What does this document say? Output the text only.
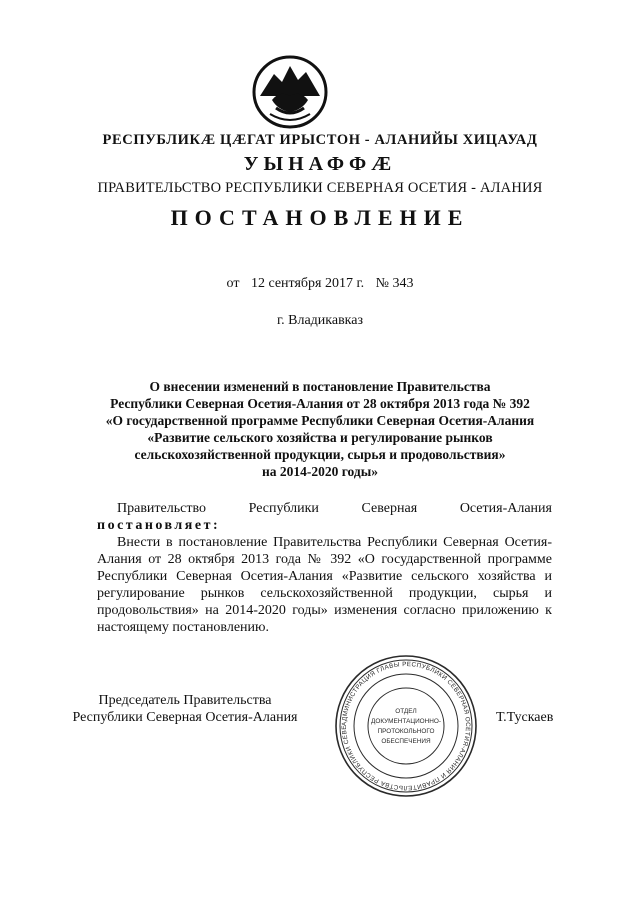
РЕСПУБЛИКӔ ЦӔГАТ ИРЫСТОН - АЛАНИЙЫ ХИЦАУАД
УЫНАФФӔ
ПРАВИТЕЛЬСТВО РЕСПУБЛИКИ СЕВЕРНАЯ ОСЕТИЯ - АЛАНИЯ
ПОСТАНОВЛЕНИЕ
от 12 сентября 2017 г. № 343
г. Владикавказ
О внесении изменений в постановление Правительства
Республики Северная Осетия-Алания от 28 октября 2013 года № 392
«О государственной программе Республики Северная Осетия-Алания
«Развитие сельского хозяйства и регулирование рынков
сельскохозяйственной продукции, сырья и продовольствия»
на 2014-2020 годы»
Правительство	Республики	Северная	Осетия-Алания
постановляет:
Внести в постановление Правительства Республики Северная Осетия-Алания от 28 октября 2013 года № 392 «О государственной программе Республики Северная Осетия-Алания «Развитие сельского хозяйства и регулирование рынков сельскохозяйственной продукции, сырья и продовольствия» на 2014-2020 годы» изменения согласно приложению к настоящему постановлению.
Председатель Правительства
Республики Северная Осетия-Алания	АДМИНИСТРАЦИЯ ГЛАВЫ РЕСПУБЛИКИ СЕВЕРНАЯ ОСЕТИЯ-АЛАНИЯ И ПРАВИТЕЛЬСТВА РЕСПУБЛИКИ СЕВЕ
ОТДЕЛ
ДОКУМЕНТАЦИОННО-
ПРОТОКОЛЬНОГО
ОБЕСПЕЧЕНИЯ
Т.Тускаев
